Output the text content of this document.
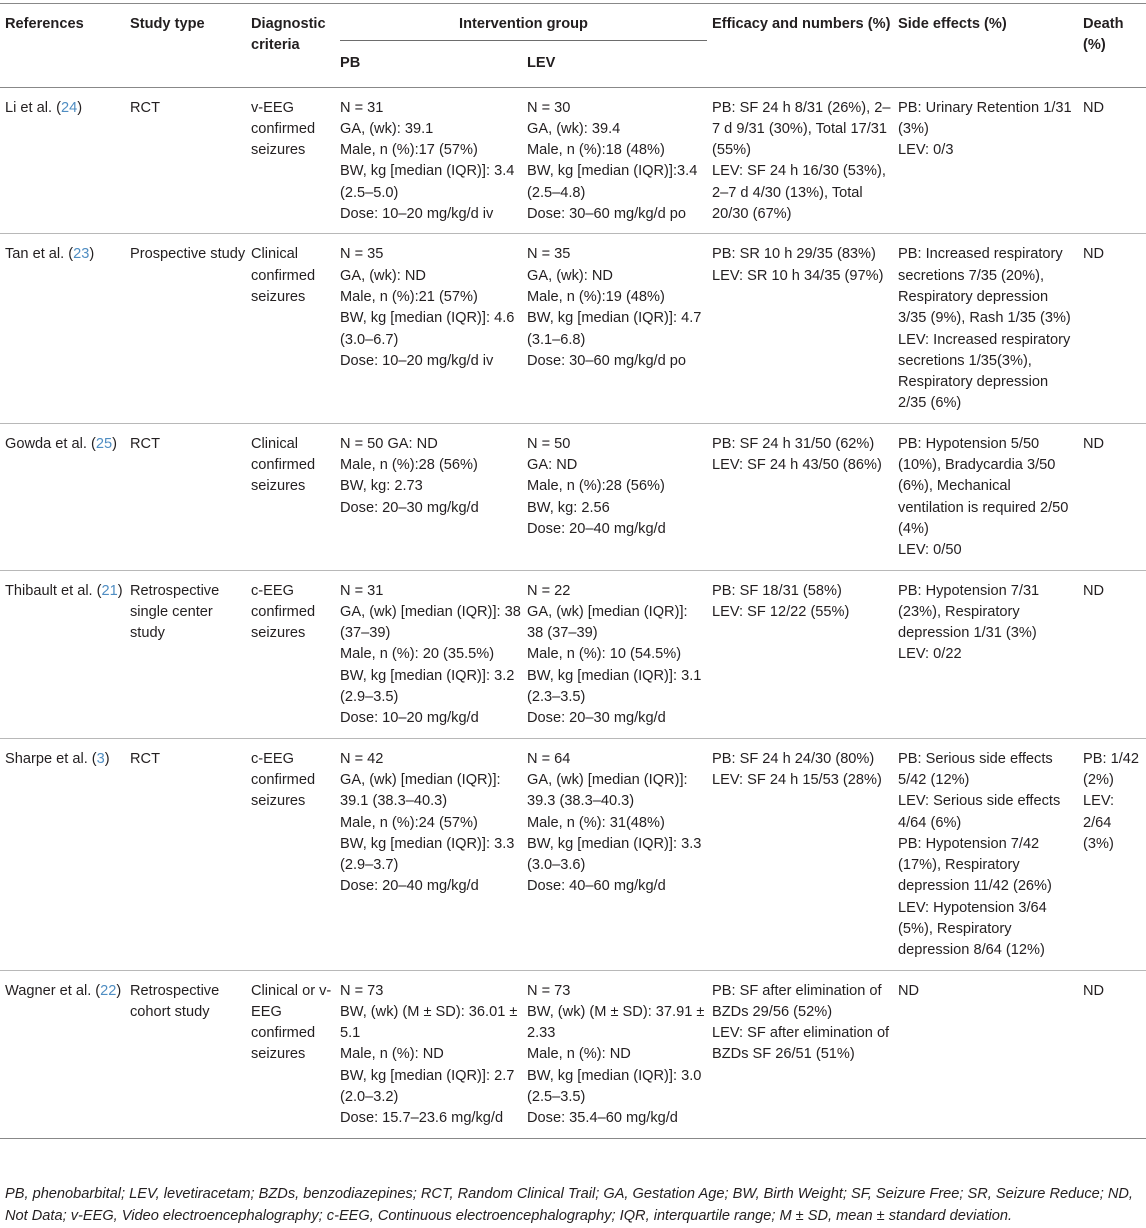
References	Study type	Diagnostic criteria	Intervention group		Efficacy and numbers (%)	Side effects (%)	Death (%)
			PB	LEV			
Li et al. (24)	RCT	v-EEG confirmed seizures	N = 31
GA, (wk): 39.1
Male, n (%):17 (57%)
BW, kg [median (IQR)]: 3.4 (2.5–5.0)
Dose: 10–20 mg/kg/d iv	N = 30
GA, (wk): 39.4
Male, n (%):18 (48%)
BW, kg [median (IQR)]:3.4 (2.5–4.8)
Dose: 30–60 mg/kg/d po	PB: SF 24 h 8/31 (26%), 2–7 d 9/31 (30%), Total 17/31 (55%)
LEV: SF 24 h 16/30 (53%), 2–7 d 4/30 (13%), Total 20/30 (67%)	PB: Urinary Retention 1/31 (3%)
LEV: 0/3	ND

Tan et al. (23)	Prospective study	Clinical confirmed seizures	N = 35
GA, (wk): ND
Male, n (%):21 (57%)
BW, kg [median (IQR)]: 4.6 (3.0–6.7)
Dose: 10–20 mg/kg/d iv	N = 35
GA, (wk): ND
Male, n (%):19 (48%)
BW, kg [median (IQR)]: 4.7 (3.1–6.8)
Dose: 30–60 mg/kg/d po	PB: SR 10 h 29/35 (83%)
LEV: SR 10 h 34/35 (97%)	PB: Increased respiratory secretions 7/35 (20%), Respiratory depression 3/35 (9%), Rash 1/35 (3%)
LEV: Increased respiratory secretions 1/35(3%), Respiratory depression 2/35 (6%)	ND

Gowda et al. (25)	RCT	Clinical confirmed seizures	N = 50 GA: ND
Male, n (%):28 (56%)
BW, kg: 2.73
Dose: 20–30 mg/kg/d	N = 50
GA: ND
Male, n (%):28 (56%)
BW, kg: 2.56
Dose: 20–40 mg/kg/d	PB: SF 24 h 31/50 (62%)
LEV: SF 24 h 43/50 (86%)	PB: Hypotension 5/50 (10%), Bradycardia 3/50 (6%), Mechanical ventilation is required 2/50 (4%)
LEV: 0/50	ND

Thibault et al. (21)	Retrospective single center study	c-EEG confirmed seizures	N = 31
GA, (wk) [median (IQR)]: 38 (37–39)
Male, n (%): 20 (35.5%)
BW, kg [median (IQR)]: 3.2 (2.9–3.5)
Dose: 10–20 mg/kg/d	N = 22
GA, (wk) [median (IQR)]: 38 (37–39)
Male, n (%): 10 (54.5%)
BW, kg [median (IQR)]: 3.1 (2.3–3.5)
Dose: 20–30 mg/kg/d	PB: SF 18/31 (58%)
LEV: SF 12/22 (55%)	PB: Hypotension 7/31 (23%), Respiratory depression 1/31 (3%)
LEV: 0/22	ND

Sharpe et al. (3)	RCT	c-EEG confirmed seizures	N = 42
GA, (wk) [median (IQR)]: 39.1 (38.3–40.3)
Male, n (%):24 (57%)
BW, kg [median (IQR)]: 3.3 (2.9–3.7)
Dose: 20–40 mg/kg/d	N = 64
GA, (wk) [median (IQR)]: 39.3 (38.3–40.3)
Male, n (%): 31(48%)
BW, kg [median (IQR)]: 3.3 (3.0–3.6)
Dose: 40–60 mg/kg/d	PB: SF 24 h 24/30 (80%)
LEV: SF 24 h 15/53 (28%)	PB: Serious side effects 5/42 (12%)
LEV: Serious side effects 4/64 (6%)
PB: Hypotension 7/42 (17%), Respiratory depression 11/42 (26%)
LEV: Hypotension 3/64 (5%), Respiratory depression 8/64 (12%)	PB: 1/42 (2%)
LEV: 2/64 (3%)

Wagner et al. (22)	Retrospective cohort study	Clinical or v-EEG confirmed seizures	N = 73
BW, (wk) (M ± SD): 36.01 ± 5.1
Male, n (%): ND
BW, kg [median (IQR)]: 2.7 (2.0–3.2)
Dose: 15.7–23.6 mg/kg/d	N = 73
BW, (wk) (M ± SD): 37.91 ± 2.33
Male, n (%): ND
BW, kg [median (IQR)]: 3.0 (2.5–3.5)
Dose: 35.4–60 mg/kg/d	PB: SF after elimination of BZDs 29/56 (52%)
LEV: SF after elimination of BZDs SF 26/51 (51%)	ND	ND
PB, phenobarbital; LEV, levetiracetam; BZDs, benzodiazepines; RCT, Random Clinical Trail; GA, Gestation Age; BW, Birth Weight; SF, Seizure Free; SR, Seizure Reduce; ND, Not Data; v-EEG, Video electroencephalography; c-EEG, Continuous electroencephalography; IQR, interquartile range; M ± SD, mean ± standard deviation.
